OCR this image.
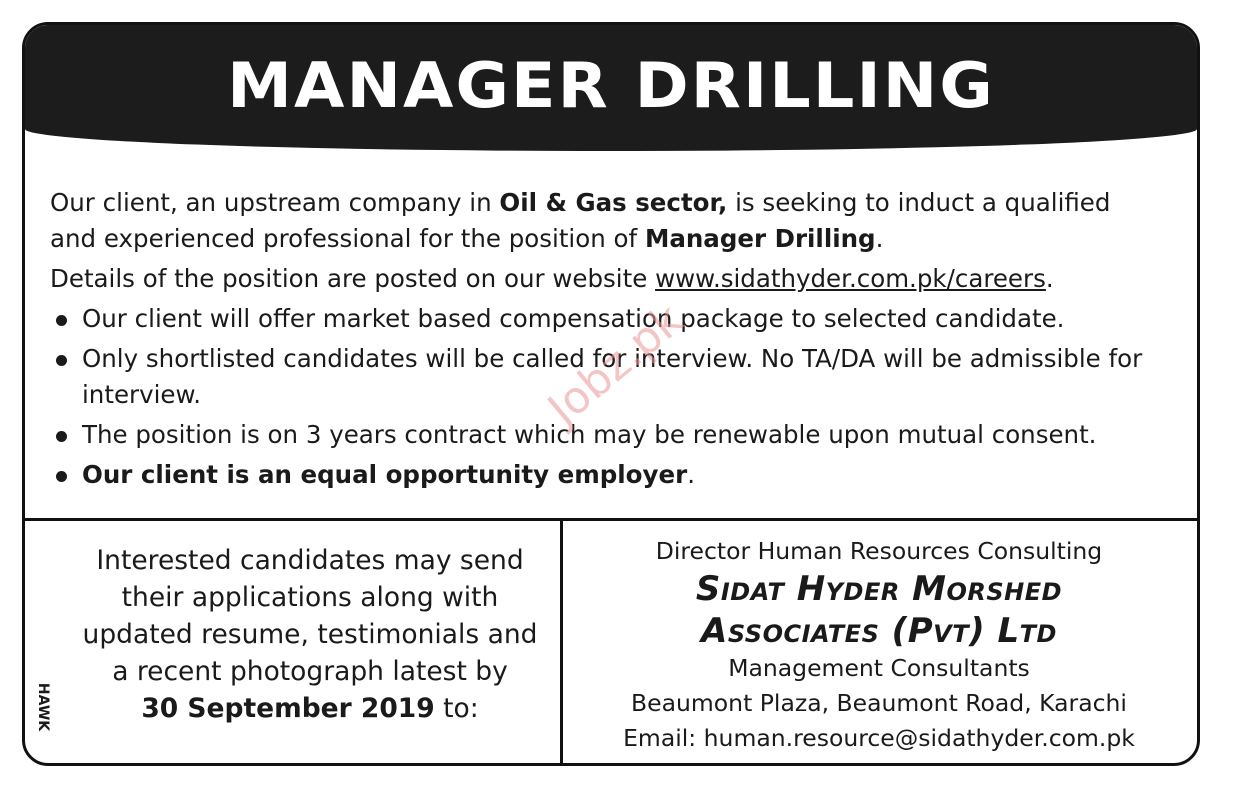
MANAGER DRILLING

Our client, an upstream company in Oil & Gas sector, is seeking to induct a qualified
and experienced professional for the position of Manager Drilling.

Details of the position are posted on our website www.sidathyder.com.pk/careers.

Our client will offer market based compensation package to selected candidate.
Only shortlisted candidates will be called for interview. No TA/DA will be admissible for interview.
The position is on 3 years contract which may be renewable upon mutual consent.
Our client is an equal opportunity employer.
HAWK
Interested candidates may send
their applications along with
updated resume, testimonials and
a recent photograph latest by
30 September 2019 to:
Director Human Resources Consulting
Sidat Hyder Morshed
Associates (Pvt) Ltd
Management Consultants
Beaumont Plaza, Beaumont Road, Karachi
Email: human.resource@sidathyder.com.pk
Jobz.pk
